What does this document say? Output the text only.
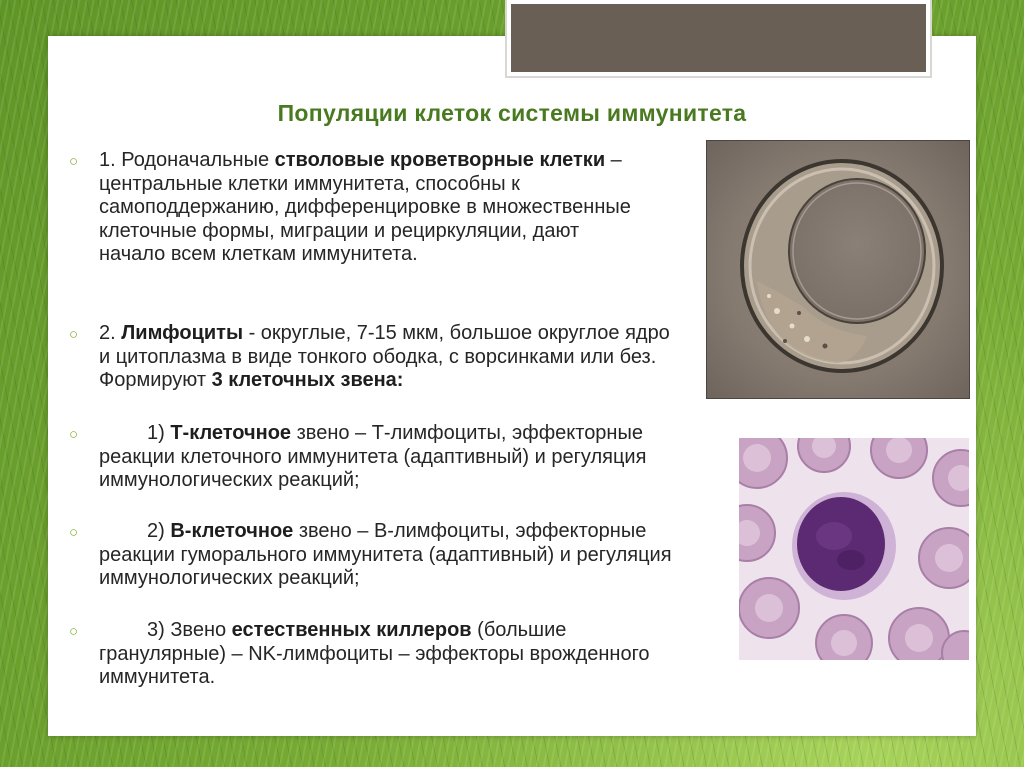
Популяции клеток системы иммунитета
○	1. Родоначальные стволовые кроветворные клетки – центральные клетки иммунитета, способны к самоподдержанию, дифференцировке в множественные клеточные формы, миграции и рециркуляции, дают начало всем клеткам иммунитета.
○	2. Лимфоциты - округлые, 7-15 мкм, большое округлое ядро и цитоплазма в виде тонкого ободка, с ворсинками или без. Формируют 3 клеточных звена:
○	1) Т-клеточное звено – Т-лимфоциты, эффекторные реакции клеточного иммунитета (адаптивный) и регуляция иммунологических реакций;
○	2) В-клеточное звено – В-лимфоциты, эффекторные реакции гуморального иммунитета (адаптивный) и регуляция иммунологических реакций;
○	3) Звено естественных киллеров (большие гранулярные) – NK-лимфоциты – эффекторы врожденного иммунитета.
